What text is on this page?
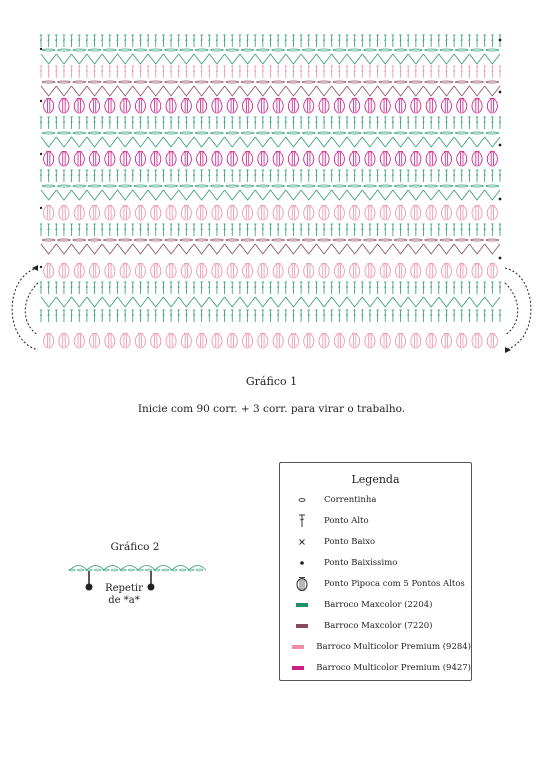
Gráfico 1
Inicie com 90 corr. + 3 corr. para virar o trabalho.
Gráfico 2
Repetir
de *a*
Legenda
Correntinha
Ponto Alto
Ponto Baixo
Ponto Baixíssimo
Ponto Pipoca com 5 Pontos Altos
Barroco Maxcolor (2204)
Barroco Maxcolor (7220)
Barroco Multicolor Premium (9284)
Barroco Multicolor Premium (9427)
